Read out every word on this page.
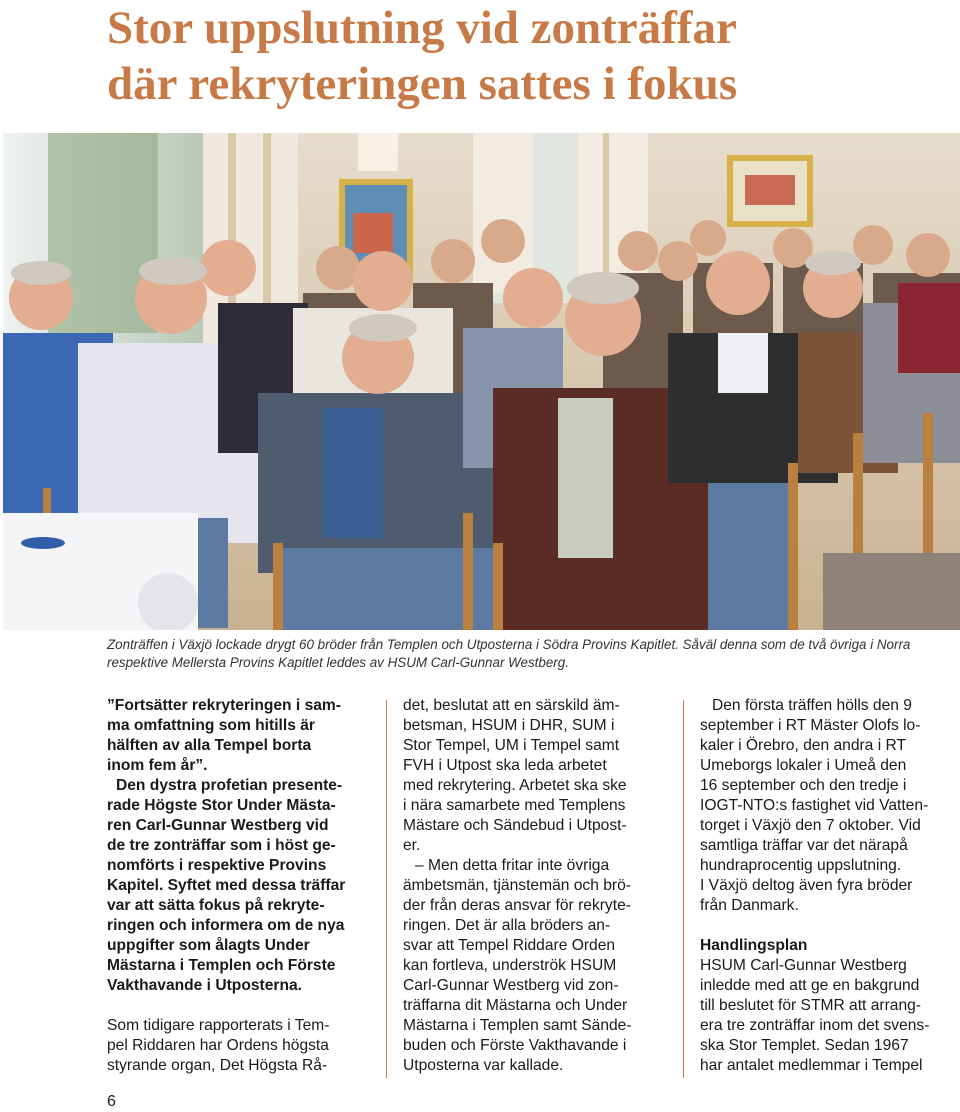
Stor uppslutning vid zonträffar
där rekryteringen sattes i fokus
Zonträffen i Växjö lockade drygt 60 bröder från Templen och Utposterna i Södra Provins Kapitlet. Såväl denna som de två övriga i Norra
respektive Mellersta Provins Kapitlet leddes av HSUM Carl-Gunnar Westberg.

”Fortsätter rekryteringen i sam-
ma omfattning som hitills är
hälften av alla Tempel borta
inom fem år”.

Den dystra profetian presente-
rade Högste Stor Under Mästa-
ren Carl-Gunnar Westberg vid
de tre zonträffar som i höst ge-
nomförts i respektive Provins
Kapitel. Syftet med dessa träffar
var att sätta fokus på rekryte-
ringen och informera om de nya
uppgifter som ålagts Under
Mästarna i Templen och Förste
Vakthavande i Utposterna.

Som tidigare rapporterats i Tem-
pel Riddaren har Ordens högsta
styrande organ, Det Högsta Rå-

det, beslutat att en särskild äm-
betsman, HSUM i DHR, SUM i
Stor Tempel, UM i Tempel samt
FVH i Utpost ska leda arbetet
med rekrytering. Arbetet ska ske
i nära samarbete med Templens
Mästare och Sändebud i Utpost-
er.

– Men detta fritar inte övriga
ämbetsmän, tjänstemän och brö-
der från deras ansvar för rekryte-
ringen. Det är alla bröders an-
svar att Tempel Riddare Orden
kan fortleva, underströk HSUM
Carl-Gunnar Westberg vid zon-
träffarna dit Mästarna och Under
Mästarna i Templen samt Sände-
buden och Förste Vakthavande i
Utposterna var kallade.

Den första träffen hölls den 9
september i RT Mäster Olofs lo-
kaler i Örebro, den andra i RT
Umeborgs lokaler i Umeå den
16 september och den tredje i
IOGT-NTO:s fastighet vid Vatten-
torget i Växjö den 7 oktober. Vid
samtliga träffar var det närapå
hundraprocentig uppslutning.
I Växjö deltog även fyra bröder
från Danmark.

Handlingsplan

HSUM Carl-Gunnar Westberg
inledde med att ge en bakgrund
till beslutet för STMR att arrang-
era tre zonträffar inom det svens-
ska Stor Templet. Sedan 1967
har antalet medlemmar i Tempel

6
